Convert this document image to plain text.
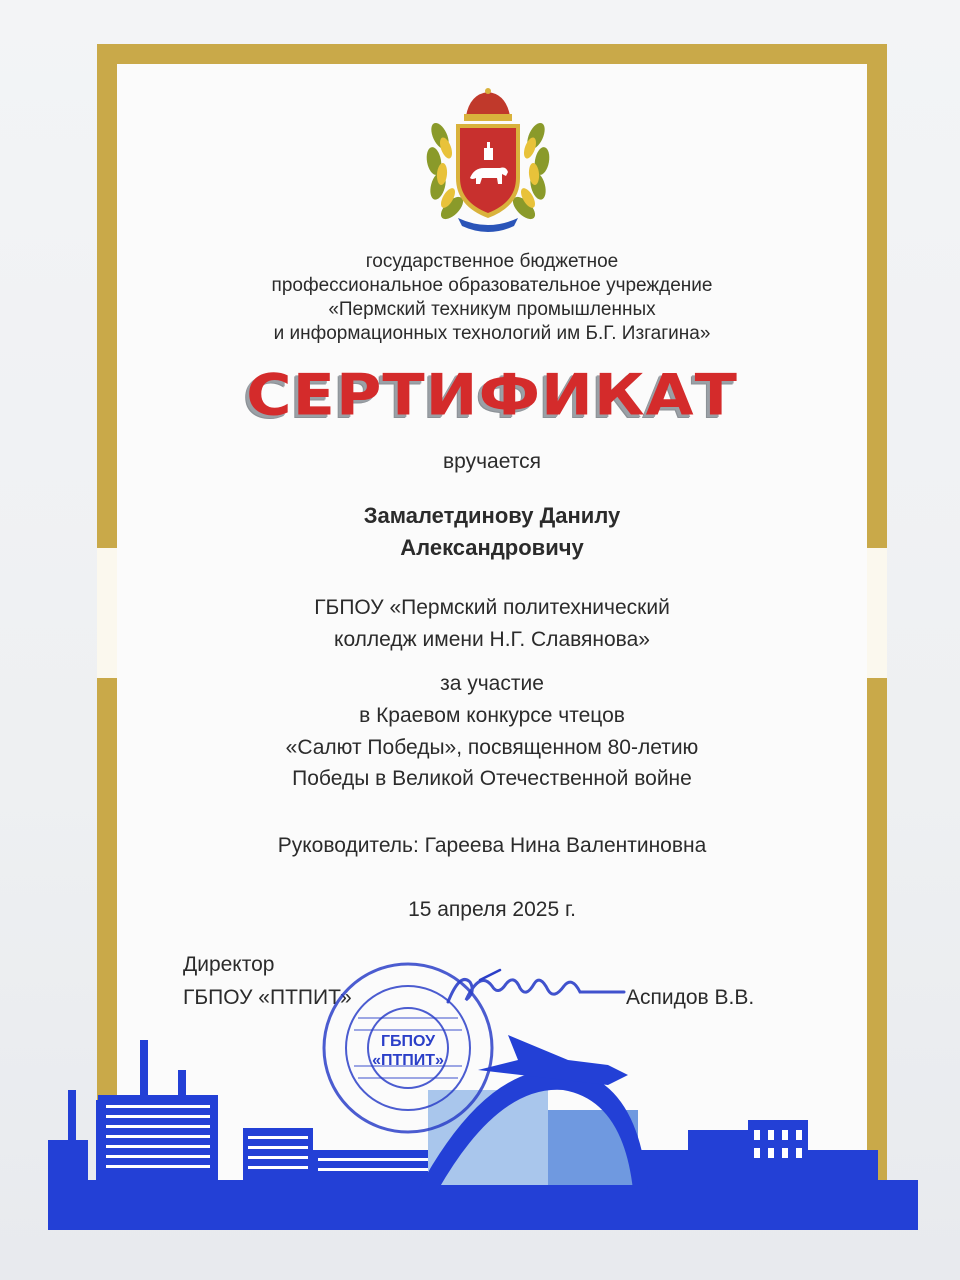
государственное бюджетное
профессиональное образовательное учреждение
«Пермский техникум промышленных
и информационных технологий им Б.Г. Изгагина»
СЕРТИФИКАТ
вручается
Замалетдинову Данилу
Александровичу
ГБПОУ «Пермский политехнический
колледж имени Н.Г. Славянова»
за участие
в Краевом конкурсе чтецов
«Салют Победы», посвященном 80-летию
Победы в Великой Отечественной войне
Руководитель: Гареева Нина Валентиновна
15 апреля 2025 г.
Директор
ГБПОУ «ПТПИТ»	Аспидов В.В.
ГБПОУ
«ПТПИТ»
